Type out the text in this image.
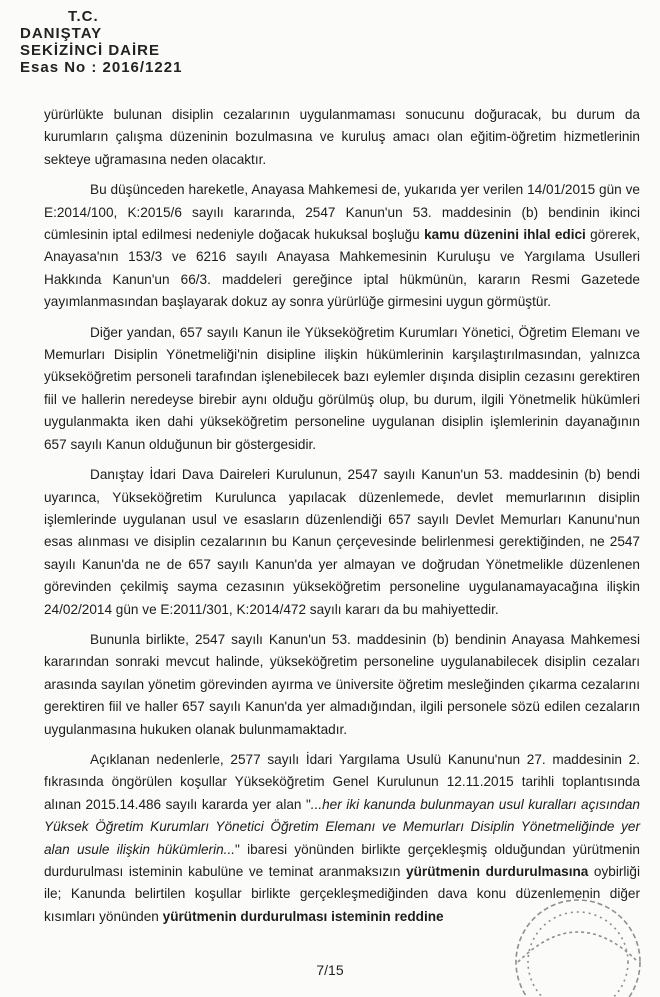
T.C.
DANIŞTAY
SEKİZİNCİ DAİRE
Esas No : 2016/1221

yürürlükte bulunan disiplin cezalarının uygulanmaması sonucunu doğuracak, bu durum da kurumların çalışma düzeninin bozulmasına ve kuruluş amacı olan eğitim-öğretim hizmetlerinin sekteye uğramasına neden olacaktır.

Bu düşünceden hareketle, Anayasa Mahkemesi de, yukarıda yer verilen 14/01/2015 gün ve E:2014/100, K:2015/6 sayılı kararında, 2547 Kanun'un 53. maddesinin (b) bendinin ikinci cümlesinin iptal edilmesi nedeniyle doğacak hukuksal boşluğu kamu düzenini ihlal edici görerek, Anayasa'nın 153/3 ve 6216 sayılı Anayasa Mahkemesinin Kuruluşu ve Yargılama Usulleri Hakkında Kanun'un 66/3. maddeleri gereğince iptal hükmünün, kararın Resmi Gazetede yayımlanmasından başlayarak dokuz ay sonra yürürlüğe girmesini uygun görmüştür.

Diğer yandan, 657 sayılı Kanun ile Yükseköğretim Kurumları Yönetici, Öğretim Elemanı ve Memurları Disiplin Yönetmeliği'nin disipline ilişkin hükümlerinin karşılaştırılmasından, yalnızca yükseköğretim personeli tarafından işlenebilecek bazı eylemler dışında disiplin cezasını gerektiren fiil ve hallerin neredeyse birebir aynı olduğu görülmüş olup, bu durum, ilgili Yönetmelik hükümleri uygulanmakta iken dahi yükseköğretim personeline uygulanan disiplin işlemlerinin dayanağının 657 sayılı Kanun olduğunun bir göstergesidir.

Danıştay İdari Dava Daireleri Kurulunun, 2547 sayılı Kanun'un 53. maddesinin (b) bendi uyarınca, Yükseköğretim Kurulunca yapılacak düzenlemede, devlet memurlarının disiplin işlemlerinde uygulanan usul ve esasların düzenlendiği 657 sayılı Devlet Memurları Kanunu'nun esas alınması ve disiplin cezalarının bu Kanun çerçevesinde belirlenmesi gerektiğinden, ne 2547 sayılı Kanun'da ne de 657 sayılı Kanun'da yer almayan ve doğrudan Yönetmelikle düzenlenen görevinden çekilmiş sayma cezasının yükseköğretim personeline uygulanamayacağına ilişkin 24/02/2014 gün ve E:2011/301, K:2014/472 sayılı kararı da bu mahiyettedir.

Bununla birlikte, 2547 sayılı Kanun'un 53. maddesinin (b) bendinin Anayasa Mahkemesi kararından sonraki mevcut halinde, yükseköğretim personeline uygulanabilecek disiplin cezaları arasında sayılan yönetim görevinden ayırma ve üniversite öğretim mesleğinden çıkarma cezalarını gerektiren fiil ve haller 657 sayılı Kanun'da yer almadığından, ilgili personele sözü edilen cezaların uygulanmasına hukuken olanak bulunmamaktadır.

Açıklanan nedenlerle, 2577 sayılı İdari Yargılama Usulü Kanunu'nun 27. maddesinin 2. fıkrasında öngörülen koşullar Yükseköğretim Genel Kurulunun 12.11.2015 tarihli toplantısında alınan 2015.14.486 sayılı kararda yer alan "...her iki kanunda bulunmayan usul kuralları açısından Yüksek Öğretim Kurumları Yönetici Öğretim Elemanı ve Memurları Disiplin Yönetmeliğinde yer alan usule ilişkin hükümlerin..." ibaresi yönünden birlikte gerçekleşmiş olduğundan yürütmenin durdurulması isteminin kabulüne ve teminat aranmaksızın yürütmenin durdurulmasına oybirliği ile; Kanunda belirtilen koşullar birlikte gerçekleşmediğinden dava konu düzenlemenin diğer kısımları yönünden yürütmenin durdurulması isteminin reddine

7/15
